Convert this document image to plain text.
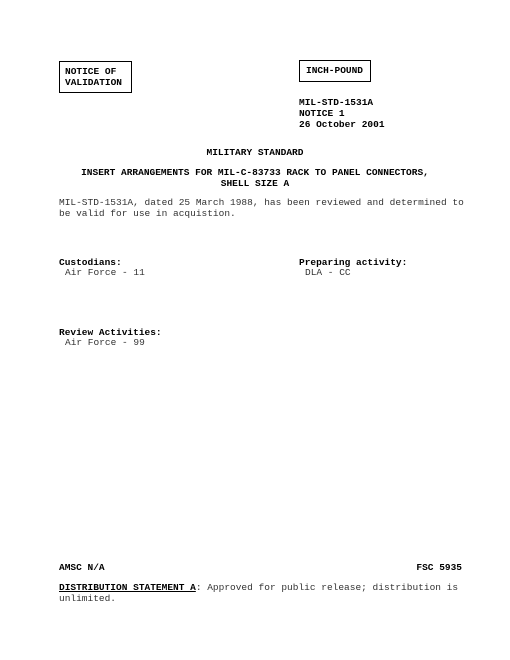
NOTICE OF
VALIDATION
INCH-POUND
MIL-STD-1531A
NOTICE 1
26 October 2001
MILITARY STANDARD
INSERT ARRANGEMENTS FOR MIL-C-83733 RACK TO PANEL CONNECTORS,
SHELL SIZE A
MIL-STD-1531A, dated 25 March 1988, has been reviewed and determined to be valid for use in acquistion.
Custodians:
Air Force - 11
Preparing activity:
DLA - CC
Review Activities:
Air Force - 99
AMSC N/A	FSC 5935
DISTRIBUTION STATEMENT A: Approved for public release; distribution is unlimited.
